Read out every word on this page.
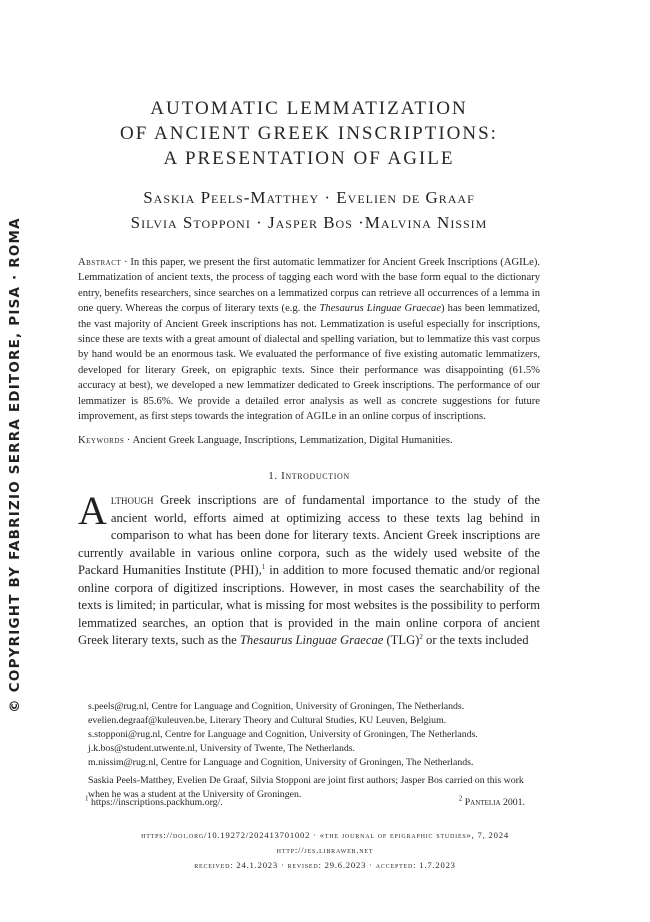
© COPYRIGHT BY FABRIZIO SERRA EDITORE, PISA · ROMA
AUTOMATIC LEMMATIZATION
OF ANCIENT GREEK INSCRIPTIONS:
A PRESENTATION OF AGILE
Saskia Peels-Matthey · Evelien de Graaf
Silvia Stopponi · Jasper Bos ·Malvina Nissim
Abstract · In this paper, we present the first automatic lemmatizer for Ancient Greek Inscriptions (AGILe). Lemmatization of ancient texts, the process of tagging each word with the base form equal to the dictionary entry, benefits researchers, since searches on a lemmatized corpus can retrieve all occurrences of a lemma in one query. Whereas the corpus of literary texts (e.g. the Thesaurus Linguae Graecae) has been lemmatized, the vast majority of Ancient Greek inscriptions has not. Lemmatization is useful especially for inscriptions, since these are texts with a great amount of dialectal and spelling variation, but to lemmatize this vast corpus by hand would be an enormous task. We evaluated the performance of five existing automatic lemmatizers, developed for literary Greek, on epigraphic texts. Since their performance was disappointing (61.5% accuracy at best), we developed a new lemmatizer dedicated to Greek inscriptions. The performance of our lemmatizer is 85.6%. We provide a detailed error analysis as well as concrete suggestions for future improvement, as first steps towards the integration of AGILe in an online corpus of inscriptions.
Keywords · Ancient Greek Language, Inscriptions, Lemmatization, Digital Humanities.
1. Introduction
Although Greek inscriptions are of fundamental importance to the study of the ancient world, efforts aimed at optimizing access to these texts lag behind in comparison to what has been done for literary texts. Ancient Greek inscriptions are currently available in various online corpora, such as the widely used website of the Packard Humanities Institute (PHI),$^1$ in addition to more focused thematic and/or regional online corpora of digitized inscriptions. However, in most cases the searchability of the texts is limited; in particular, what is missing for most websites is the possibility to perform lemmatized searches, an option that is provided in the main online corpora of ancient Greek literary texts, such as the Thesaurus Linguae Graecae (TLG)$^2$ or the texts included
s.peels@rug.nl, Centre for Language and Cognition, University of Groningen, The Netherlands.
evelien.degraaf@kuleuven.be, Literary Theory and Cultural Studies, KU Leuven, Belgium.
s.stopponi@rug.nl, Centre for Language and Cognition, University of Groningen, The Netherlands.
j.k.bos@student.utwente.nl, University of Twente, The Netherlands.
m.nissim@rug.nl, Centre for Language and Cognition, University of Groningen, The Netherlands.
Saskia Peels-Matthey, Evelien De Graaf, Silvia Stopponi are joint first authors; Jasper Bos carried on this work when he was a student at the University of Groningen.
$^1$ https://inscriptions.packhum.org/.	$^2$ Pantelia 2001.
https://doi.org/10.19272/202413701002 · «the journal of epigraphic studies», 7, 2024
http://jes.libraweb.net
received: 24.1.2023 · revised: 29.6.2023 · accepted: 1.7.2023
